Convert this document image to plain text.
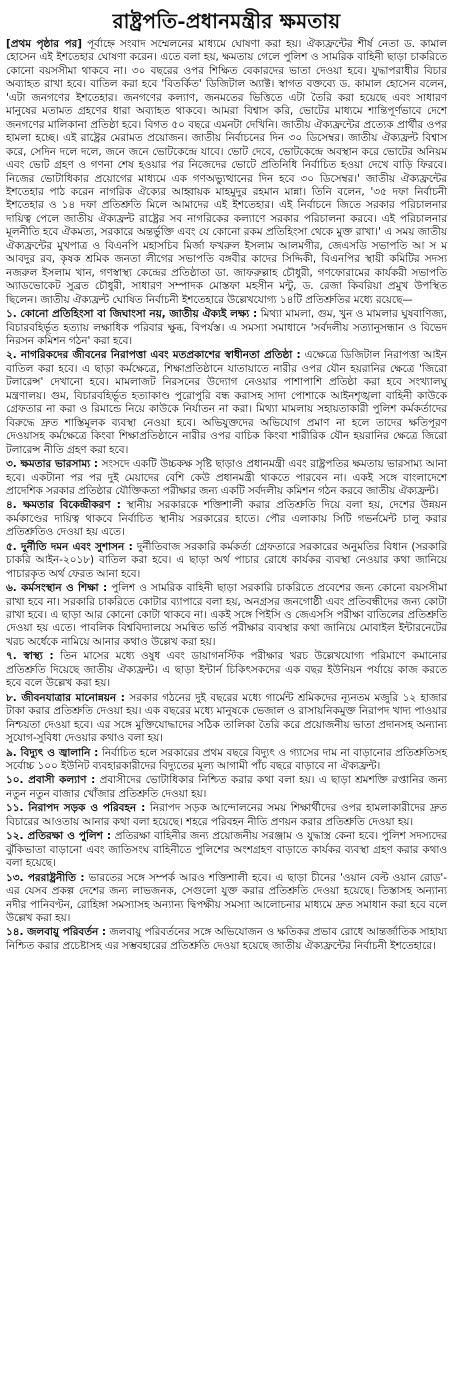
রাষ্ট্রপতি-প্রধানমন্ত্রীর ক্ষমতায়

[প্রথম পৃষ্ঠার পর] পূর্বাহ্নে সংবাদ সম্মেলনের মাধ্যমে ঘোষণা করা হয়। ঐক্যফ্রন্টের শীর্ষ নেতা ড. কামাল হোসেন এই ইশতেহার ঘোষণা করেন। এতে বলা হয়, ক্ষমতায় গেলে পুলিশ ও সামরিক বাহিনী ছাড়া চাকরিতে কোনো বয়সসীমা থাকবে না। ৩০ বছরের ওপর শিক্ষিত বেকারদের ভাতা দেওয়া হবে। যুদ্ধাপরাধীর বিচার অব্যাহত রাখা হবে। বাতিল করা হবে 'বিতর্কিত' ডিজিটাল অ্যাক্ট। স্বাগত বক্তব্যে ড. কামাল হোসেন বলেন, 'এটা জনগণের ইশতেহার। জনগণের কল্যাণ, জনমতের ভিত্তিতে এটা তৈরি করা হয়েছে এবং সাধারণ মানুষের মতামত গ্রহণের ধারা অব্যাহত থাকবে। আমরা বিশ্বাস করি, ভোটের মাধ্যমে শান্তিপূর্ণভাবে দেশে জনগণের মালিকানা প্রতিষ্ঠা হবে। বিগত ৫০ বছরে এমনটা দেখিনি। জাতীয় ঐক্যফ্রন্টের প্রত্যেক প্রার্থীর ওপর হামলা হচ্ছে। এই রাষ্ট্রের মেরামত প্রয়োজন। জাতীয় নির্বাচনের দিন ৩০ ডিসেম্বর। জাতীয় ঐক্যফ্রন্ট বিশ্বাস করে, সেদিন দলে দলে, জনে জনে ভোটকেন্দ্রে যাবে। ভোট দেবে, ভোটকেন্দ্রে অবস্থান করে ভোটের অনিয়ম এবং ভোট গ্রহণ ও গণনা শেষ হওয়ার পর নিজেদের ভোটে প্রতিনিধি নির্বাচিত হওয়া দেখে বাড়ি ফিরবে। নিজের ভোটাধিকার প্রয়োগের মাধ্যমে এক গণঅভ্যুত্থানের দিন হবে ৩০ ডিসেম্বর।' জাতীয় ঐক্যফ্রন্টের ইশতেহার পাঠ করেন নাগরিক ঐক্যের আহ্বায়ক মাহমুদুর রহমান মান্না। তিনি বলেন, '৩৫ দফা নির্বাচনী ইশতেহার ও ১৪ দফা প্রতিশ্রুতি মিলে আমাদের এই ইশতেহার। এই নির্বাচনে জিতে সরকার পরিচালনার দায়িত্ব পেলে জাতীয় ঐক্যফ্রন্ট রাষ্ট্রের সব নাগরিকের কল্যাণে সরকার পরিচালনা করবে। এই পরিচালনার মূলনীতি হবে ঐকমত্য, সরকারে অন্তর্ভুক্তি এবং যে কোনো রকম প্রতিহিংসা থেকে মুক্ত রাখা।' এ সময় জাতীয় ঐক্যফ্রন্টের মুখপাত্র ও বিএনপি মহাসচিব মির্জা ফখরুল ইসলাম আলমগীর, জেএসডি সভাপতি আ স ম আবদুর রব, কৃষক শ্রমিক জনতা লীগের সভাপতি বঙ্গবীর কাদের সিদ্দিকী, বিএনপির স্থায়ী কমিটির সদস্য নজরুল ইসলাম খান, গণস্বাস্থ্য কেন্দ্রের প্রতিষ্ঠাতা ডা. জাফরুল্লাহ চৌধুরী, গণফোরামের কার্যকরী সভাপতি অ্যাডভোকেট সুব্রত চৌধুরী, সাধারণ সম্পাদক মোস্তফা মহসীন মন্টু, ড. রেজা কিবরিয়া প্রমুখ উপস্থিত ছিলেন। জাতীয় ঐক্যফ্রন্ট ঘোষিত নির্বাচনী ইশতেহারে উল্লেখযোগ্য ১৪টি প্রতিশ্রুতির মধ্যে রয়েছে—

১. কোনো প্রতিহিংসা বা জিঘাংসা নয়, জাতীয় ঐক্যই লক্ষ্য : মিথ্যা মামলা, গুম, খুন ও মামলার ঘুষবাণিজ্য, বিচারবহির্ভূত হত্যায় লক্ষাধিক পরিবার ক্ষুব্ধ, বিপর্যস্ত। এ সমস্যা সমাধানে 'সর্বদলীয় সত্যানুসন্ধান ও বিভেদ নিরসন কমিশন গঠন' করা হবে।

২. নাগরিকদের জীবনের নিরাপত্তা এবং মতপ্রকাশের স্বাধীনতা প্রতিষ্ঠা : এক্ষেত্রে ডিজিটাল নিরাপত্তা আইন বাতিল করা হবে। এ ছাড়া কর্মক্ষেত্রে, শিক্ষাপ্রতিষ্ঠানে যাতায়াতে নারীর ওপর যৌন হয়রানির ক্ষেত্রে 'জিরো টলারেন্স' দেখানো হবে। মামলাজট নিরসনের উদ্যোগ নেওয়ার পাশাপাশি প্রতিষ্ঠা করা হবে সংখ্যালঘু মন্ত্রণালয়। গুম, বিচারবহির্ভূত হত্যাকাণ্ড পুরোপুরি বন্ধ করাসহ সাদা পোশাকে আইনশৃঙ্খলা বাহিনী কাউকে গ্রেফতার না করা ও রিমান্ডে নিয়ে কাউকে নির্যাতন না করা। মিথ্যা মামলায় সহায়তাকারী পুলিশ কর্মকর্তাদের বিরুদ্ধে দ্রুত শাস্তিমূলক ব্যবস্থা নেওয়া হবে। অভিযুক্তদের অভিযোগ প্রমাণ না হলে তাদের ক্ষতিপূরণ দেওয়াসহ কর্মক্ষেত্রে কিংবা শিক্ষাপ্রতিষ্ঠানে নারীর ওপর বাচিক কিংবা শারীরিক যৌন হয়রানির ক্ষেত্রে জিরো টলারেন্স নীতি গ্রহণ করা হবে।

৩. ক্ষমতার ভারসাম্য : সংসদে একটি উচ্চকক্ষ সৃষ্টি ছাড়াও প্রধানমন্ত্রী এবং রাষ্ট্রপতির ক্ষমতায় ভারসাম্য আনা হবে। একটানা পর পর দুই মেয়াদের বেশি কেউ প্রধানমন্ত্রী থাকতে পারবেন না। একই সঙ্গে বাংলাদেশে প্রাদেশিক সরকার প্রতিষ্ঠার যৌক্তিকতা পরীক্ষার জন্য একটি সর্বদলীয় কমিশন গঠন করবে জাতীয় ঐক্যফ্রন্ট।

৪. ক্ষমতার বিকেন্দ্রীকরণ : স্থানীয় সরকারকে শক্তিশালী করার প্রতিশ্রুতি দিয়ে বলা হয়, দেশের উন্নয়ন কর্মকাণ্ডের দায়িত্ব থাকবে নির্বাচিত স্থানীয় সরকারের হাতে। পৌর এলাকায় সিটি গভর্নমেন্ট চালু করার প্রতিশ্রুতিও দেওয়া হয় এতে।

৫. দুর্নীতি দমন এবং সুশাসন : দুর্নীতিবাজ সরকারি কর্মকর্তা গ্রেফতারে সরকারের অনুমতির বিধান (সরকারি চাকরি আইন-২০১৮) বাতিল করা হবে। এ ছাড়া অর্থ পাচার রোধে কার্যকর ব্যবস্থা নেওয়ার কথা জানিয়ে পাচারকৃত অর্থ ফেরত আনা হবে।

৬. কর্মসংস্থান ও শিক্ষা : পুলিশ ও সামরিক বাহিনী ছাড়া সরকারি চাকরিতে প্রবেশের জন্য কোনো বয়সসীমা রাখা হবে না। সরকারি চাকরিতে কোটার ব্যাপারে বলা হয়, অনগ্রসর জনগোষ্ঠী এবং প্রতিবন্ধীদের জন্য কোটা রাখা হবে। এ ছাড়া আর কোনো কোটা থাকবে না। একই সঙ্গে পিইসি ও জেএসসি পরীক্ষা বাতিলের প্রতিশ্রুতি দেওয়া হয় এতে। পাবলিক বিশ্ববিদ্যালয়ে সমন্বিত ভর্তি পরীক্ষার ব্যবস্থার কথা জানিয়ে মোবাইল ইন্টারনেটের খরচ অর্ধেকে নামিয়ে আনার কথাও উল্লেখ করা হয়।

৭. স্বাস্থ্য : তিন মাসের মধ্যে ওষুধ এবং ডায়াগনস্টিক পরীক্ষার খরচ উল্লেখযোগ্য পরিমাণে কমানোর প্রতিশ্রুতি দিয়েছে জাতীয় ঐক্যফ্রন্ট। এ ছাড়া ইন্টার্ন চিকিৎসকদের এক বছর ইউনিয়ন পর্যায়ে কাজ করতে হবে বলে উল্লেখ করা হয়।

৮. জীবনযাত্রার মানোন্নয়ন : সরকার গঠনের দুই বছরের মধ্যে গার্মেন্ট শ্রমিকদের ন্যূনতম মজুরি ১২ হাজার টাকা করার প্রতিশ্রুতি দেওয়া হয়। এক বছরের মধ্যে মানুষকে ভেজাল ও রাসায়নিকমুক্ত নিরাপদ খাদ্য পাওয়ার নিশ্চয়তা দেওয়া হবে। এর সঙ্গে মুক্তিযোদ্ধাদের সঠিক তালিকা তৈরি করে প্রয়োজনীয় ভাতা প্রদানসহ অন্যান্য সুযোগ-সুবিধা দেওয়ার কথাও বলা হয়।

৯. বিদ্যুৎ ও জ্বালানি : নির্বাচিত হলে সরকারের প্রথম বছরে বিদ্যুৎ ও গ্যাসের দাম না বাড়ানোর প্রতিশ্রুতিসহ সর্বোচ্চ ১০০ ইউনিট ব্যবহারকারীদের বিদ্যুতের মূল্য আগামী পাঁচ বছরে বাড়াবে না ঐক্যফ্রন্ট।

১০. প্রবাসী কল্যাণ : প্রবাসীদের ভোটাধিকার নিশ্চিত করার কথা বলা হয়। এ ছাড়া শ্রমশক্তি রপ্তানির জন্য নতুন নতুন বাজার খোঁজার প্রতিশ্রুতি দেওয়া হয়।

১১. নিরাপদ সড়ক ও পরিবহন : নিরাপদ সড়ক আন্দোলনের সময় শিক্ষার্থীদের ওপর হামলাকারীদের দ্রুত বিচারের আওতায় আনার কথা বলা হয়েছে। শহরে পরিবহন নীতি প্রণয়ন করার প্রতিশ্রুতি দেওয়া হয়।

১২. প্রতিরক্ষা ও পুলিশ : প্রতিরক্ষা বাহিনীর জন্য প্রয়োজনীয় সরঞ্জাম ও যুদ্ধাস্ত্র কেনা হবে। পুলিশ সদস্যদের ঝুঁকিভাতা বাড়ানো এবং জাতিসংঘ বাহিনীতে পুলিশের অংশগ্রহণ বাড়াতে কার্যকর ব্যবস্থা গ্রহণ করার কথাও বলা হয়েছে।

১৩. পররাষ্ট্রনীতি : ভারতের সঙ্গে সম্পর্ক আরও শক্তিশালী হবে। এ ছাড়া চীনের 'ওয়ান বেল্ট ওয়ান রোড'-এর যেসব প্রকল্প দেশের জন্য লাভজনক, সেগুলো যুক্ত করার প্রতিশ্রুতি দেওয়া হয়েছে। তিস্তাসহ অন্যান্য নদীর পানিবণ্টন, রোহিঙ্গা সমস্যাসহ অন্যান্য দ্বিপক্ষীয় সমস্যা আলোচনার মাধ্যমে দ্রুত সমাধান করা হবে বলে উল্লেখ করা হয়।

১৪. জলবায়ু পরিবর্তন : জলবায়ু পরিবর্তনের সঙ্গে অভিযোজন ও ক্ষতিকর প্রভাব রোধে আন্তর্জাতিক সাহায্য নিশ্চিত করার প্রচেষ্টাসহ এর সম্ভবহারের প্রতিশ্রুতি দেওয়া হয়েছে জাতীয় ঐক্যফ্রন্টের নির্বাচনী ইশতেহারে।
